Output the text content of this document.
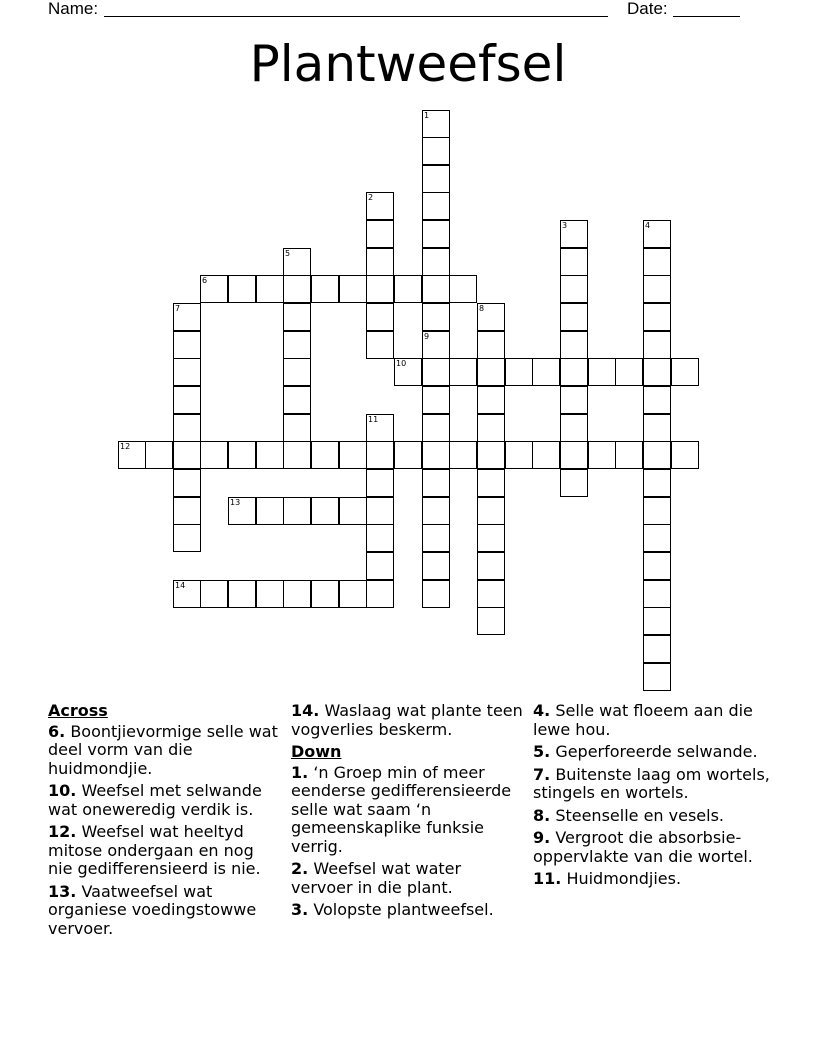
Name:	Date:
Plantweefsel
1
9
2
3	4
5
6
7	8
10
11
12
13
14
Across
6. Boontjievormige selle wat deel vorm van die huidmondjie.
10. Weefsel met selwande wat oneweredig verdik is.
12. Weefsel wat heeltyd mitose ondergaan en nog nie gedifferensieerd is nie.
13. Vaatweefsel wat organiese voedingstowwe vervoer.
14. Waslaag wat plante teen vogverlies beskerm.
Down
1. ‘n Groep min of meer eenderse gedifferensieerde selle wat saam ‘n gemeenskaplike funksie verrig.
2. Weefsel wat water vervoer in die plant.
3. Volopste plantweefsel.
4. Selle wat floeem aan die lewe hou.
5. Geperforeerde selwande.
7. Buitenste laag om wortels, stingels en wortels.
8. Steenselle en vesels.
9. Vergroot die absorbsie-oppervlakte van die wortel.
11. Huidmondjies.
